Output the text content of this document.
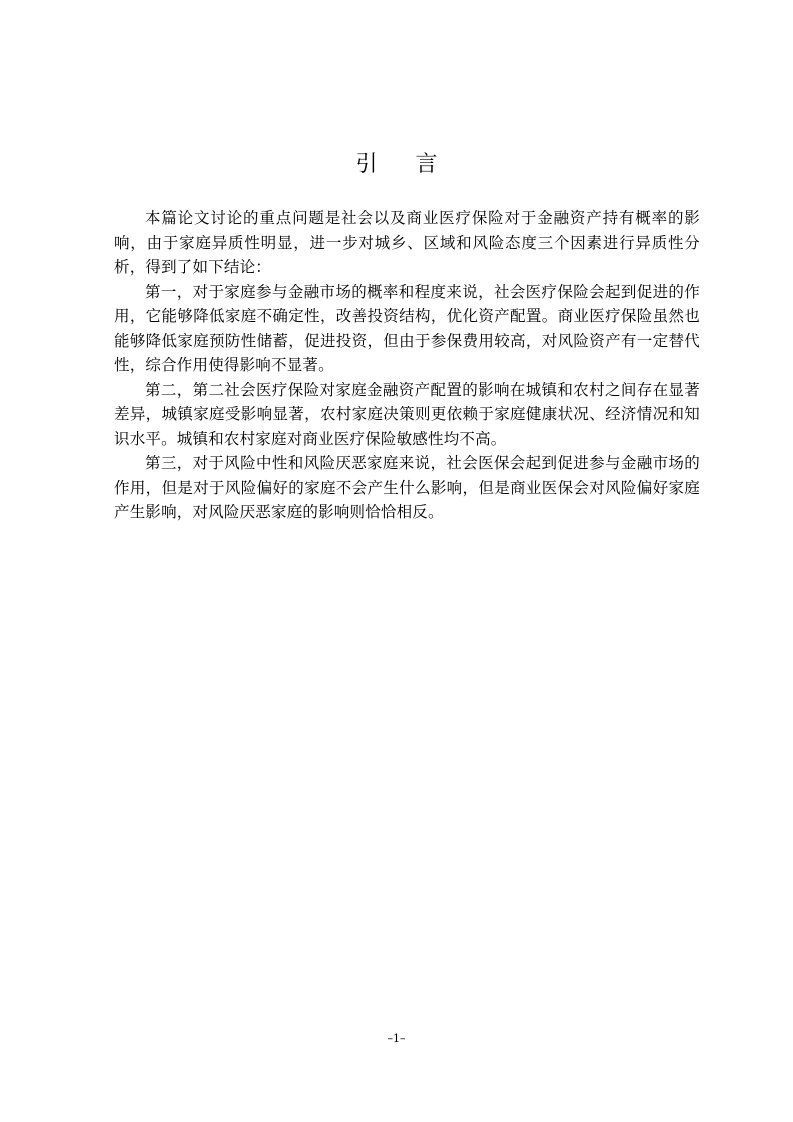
引言

本篇论文讨论的重点问题是社会以及商业医疗保险对于金融资产持有概率的影响，由于家庭异质性明显，进一步对城乡、区域和风险态度三个因素进行异质性分析，得到了如下结论：

第一，对于家庭参与金融市场的概率和程度来说，社会医疗保险会起到促进的作用，它能够降低家庭不确定性，改善投资结构，优化资产配置。商业医疗保险虽然也能够降低家庭预防性储蓄，促进投资，但由于参保费用较高，对风险资产有一定替代性，综合作用使得影响不显著。

第二，第二社会医疗保险对家庭金融资产配置的影响在城镇和农村之间存在显著差异，城镇家庭受影响显著，农村家庭决策则更依赖于家庭健康状况、经济情况和知识水平。城镇和农村家庭对商业医疗保险敏感性均不高。

第三，对于风险中性和风险厌恶家庭来说，社会医保会起到促进参与金融市场的作用，但是对于风险偏好的家庭不会产生什么影响，但是商业医保会对风险偏好家庭产生影响，对风险厌恶家庭的影响则恰恰相反。

–1–
